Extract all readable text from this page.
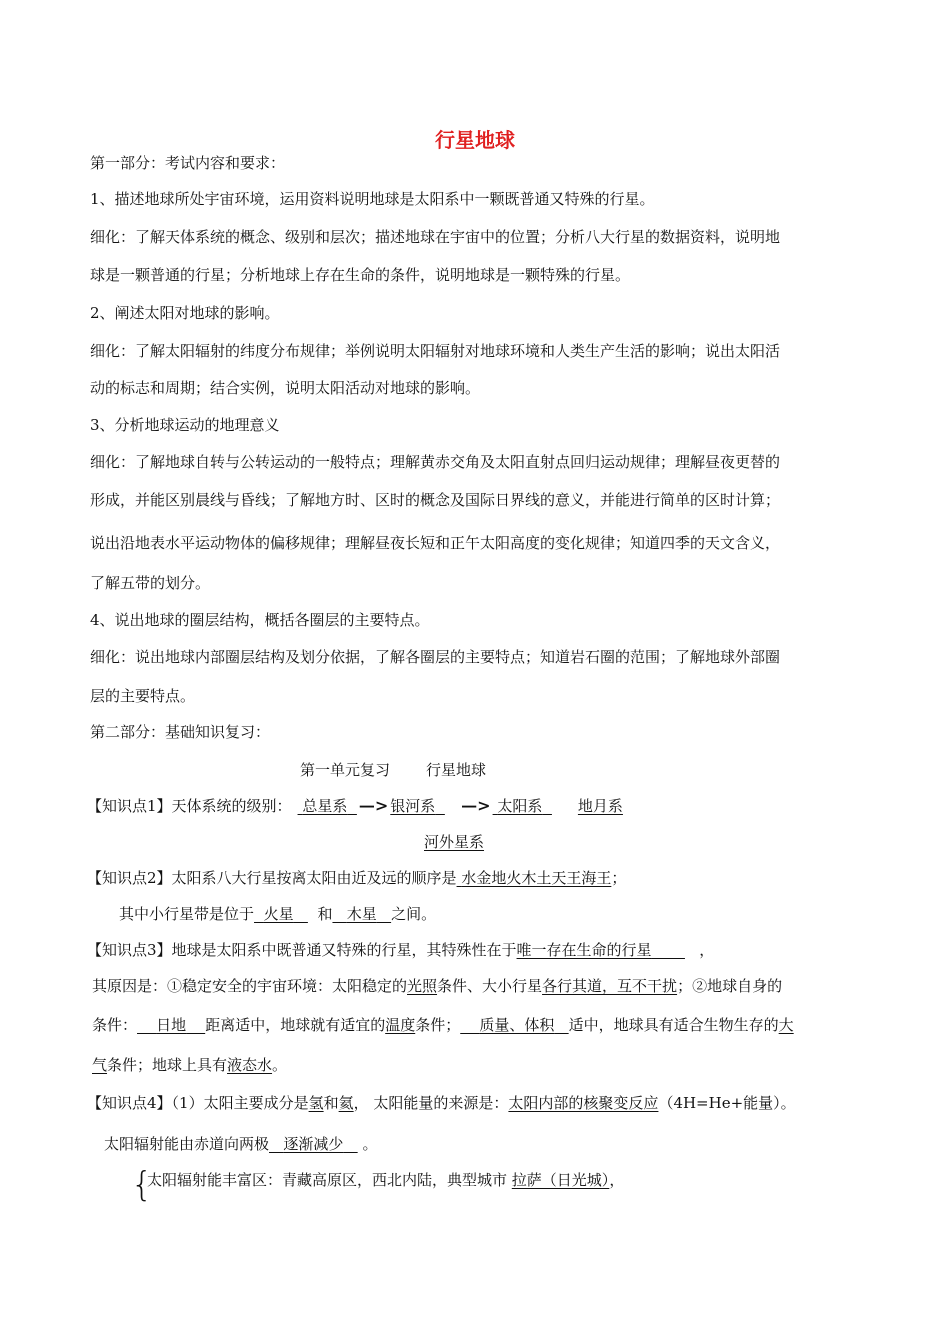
行星地球
第一部分：考试内容和要求：
1、描述地球所处宇宙环境，运用资料说明地球是太阳系中一颗既普通又特殊的行星。
细化：了解天体系统的概念、级别和层次；描述地球在宇宙中的位置；分析八大行星的数据资料，说明地
球是一颗普通的行星；分析地球上存在生命的条件，说明地球是一颗特殊的行星。
2、阐述太阳对地球的影响。
细化：了解太阳辐射的纬度分布规律；举例说明太阳辐射对地球环境和人类生产生活的影响；说出太阳活
动的标志和周期；结合实例，说明太阳活动对地球的影响。
3、分析地球运动的地理意义
细化：了解地球自转与公转运动的一般特点；理解黄赤交角及太阳直射点回归运动规律；理解昼夜更替的
形成，并能区别晨线与昏线；了解地方时、区时的概念及国际日界线的意义，并能进行简单的区时计算；
说出沿地表水平运动物体的偏移规律；理解昼夜长短和正午太阳高度的变化规律；知道四季的天文含义，
了解五带的划分。
4、说出地球的圈层结构，概括各圈层的主要特点。
细化：说出地球内部圈层结构及划分依据，了解各圈层的主要特点；知道岩石圈的范围；了解地球外部圈
层的主要特点。
第二部分：基础知识复习：
第一单元复习 行星地球
【知识点1】天体系统的级别： 总星系 —> 银河系 —> 太阳系 地月系
河外星系
【知识点2】太阳系八大行星按离太阳由近及远的顺序是 水金地火木土天王海王；
其中小行星带是位于 火星 和 木星 之间。
【知识点3】地球是太阳系中既普通又特殊的行星，其特殊性在于唯一存在生命的行星	，
其原因是：①稳定安全的宇宙环境：太阳稳定的光照条件、大小行星各行其道，互不干扰；②地球自身的
条件： 日地 距离适中，地球就有适宜的温度条件； 质量、体积 适中，地球具有适合生物生存的大
气条件；地球上具有液态水。
【知识点4】（1）太阳主要成分是氢和氦， 太阳能量的来源是：太阳内部的核聚变反应（4H=He+能量）。
太阳辐射能由赤道向两极 逐渐减少 。
{
太阳辐射能丰富区：青藏高原区，西北内陆，典型城市 拉萨（日光城），
